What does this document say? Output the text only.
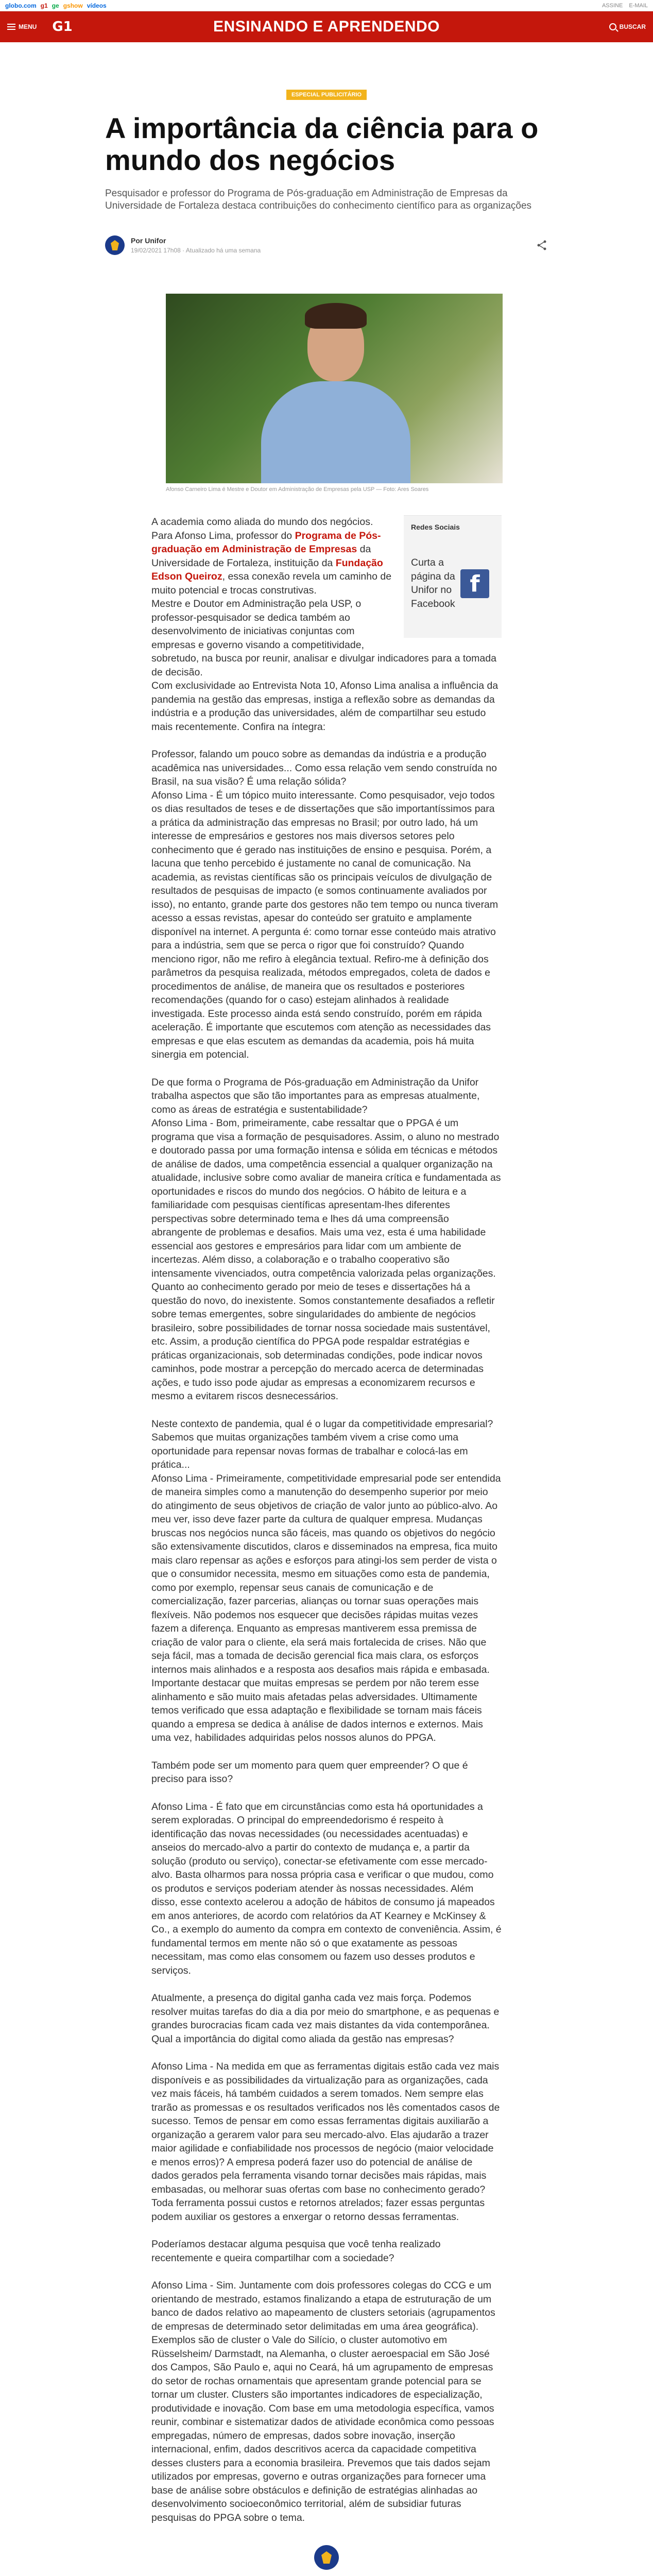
globo.com g1 ge gshow vídeos	ASSINE E-MAIL
MENU G1	ENSINANDO E APRENDENDO	BUSCAR
ESPECIAL PUBLICITÁRIO
A importância da ciência para o mundo dos negócios

Pesquisador e professor do Programa de Pós-graduação em Administração de Empresas da Universidade de Fortaleza destaca contribuições do conhecimento científico para as organizações

Por Unifor
19/02/2021 17h08 · Atualizado há uma semana
Afonso Carneiro Lima é Mestre e Doutor em Administração de Empresas pela USP — Foto: Ares Soares
Redes Sociais

Curta a página da Unifor no Facebook

f

A academia como aliada do mundo dos negócios. Para Afonso Lima, professor do Programa de Pós-graduação em Administração de Empresas da Universidade de Fortaleza, instituição da Fundação Edson Queiroz, essa conexão revela um caminho de muito potencial e trocas construtivas.

Mestre e Doutor em Administração pela USP, o professor-pesquisador se dedica também ao desenvolvimento de iniciativas conjuntas com empresas e governo visando a competitividade, sobretudo, na busca por reunir, analisar e divulgar indicadores para a tomada de decisão.

Com exclusividade ao Entrevista Nota 10, Afonso Lima analisa a influência da pandemia na gestão das empresas, instiga a reflexão sobre as demandas da indústria e a produção das universidades, além de compartilhar seu estudo mais recentemente. Confira na íntegra:

Professor, falando um pouco sobre as demandas da indústria e a produção acadêmica nas universidades... Como essa relação vem sendo construída no Brasil, na sua visão? É uma relação sólida?

Afonso Lima - É um tópico muito interessante. Como pesquisador, vejo todos os dias resultados de teses e de dissertações que são importantíssimos para a prática da administração das empresas no Brasil; por outro lado, há um interesse de empresários e gestores nos mais diversos setores pelo conhecimento que é gerado nas instituições de ensino e pesquisa. Porém, a lacuna que tenho percebido é justamente no canal de comunicação. Na academia, as revistas científicas são os principais veículos de divulgação de resultados de pesquisas de impacto (e somos continuamente avaliados por isso), no entanto, grande parte dos gestores não tem tempo ou nunca tiveram acesso a essas revistas, apesar do conteúdo ser gratuito e amplamente disponível na internet. A pergunta é: como tornar esse conteúdo mais atrativo para a indústria, sem que se perca o rigor que foi construído? Quando menciono rigor, não me refiro à elegância textual. Refiro-me à definição dos parâmetros da pesquisa realizada, métodos empregados, coleta de dados e procedimentos de análise, de maneira que os resultados e posteriores recomendações (quando for o caso) estejam alinhados à realidade investigada. Este processo ainda está sendo construído, porém em rápida aceleração. É importante que escutemos com atenção as necessidades das empresas e que elas escutem as demandas da academia, pois há muita sinergia em potencial.

De que forma o Programa de Pós-graduação em Administração da Unifor trabalha aspectos que são tão importantes para as empresas atualmente, como as áreas de estratégia e sustentabilidade?

Afonso Lima - Bom, primeiramente, cabe ressaltar que o PPGA é um programa que visa a formação de pesquisadores. Assim, o aluno no mestrado e doutorado passa por uma formação intensa e sólida em técnicas e métodos de análise de dados, uma competência essencial a qualquer organização na atualidade, inclusive sobre como avaliar de maneira crítica e fundamentada as oportunidades e riscos do mundo dos negócios. O hábito de leitura e a familiaridade com pesquisas científicas apresentam-lhes diferentes perspectivas sobre determinado tema e lhes dá uma compreensão abrangente de problemas e desafios. Mais uma vez, esta é uma habilidade essencial aos gestores e empresários para lidar com um ambiente de incertezas. Além disso, a colaboração e o trabalho cooperativo são intensamente vivenciados, outra competência valorizada pelas organizações.

Quanto ao conhecimento gerado por meio de teses e dissertações há a questão do novo, do inexistente. Somos constantemente desafiados a refletir sobre temas emergentes, sobre singularidades do ambiente de negócios brasileiro, sobre possibilidades de tornar nossa sociedade mais sustentável, etc. Assim, a produção científica do PPGA pode respaldar estratégias e práticas organizacionais, sob determinadas condições, pode indicar novos caminhos, pode mostrar a percepção do mercado acerca de determinadas ações, e tudo isso pode ajudar as empresas a economizarem recursos e mesmo a evitarem riscos desnecessários.

Neste contexto de pandemia, qual é o lugar da competitividade empresarial? Sabemos que muitas organizações também vivem a crise como uma oportunidade para repensar novas formas de trabalhar e colocá-las em prática...

Afonso Lima - Primeiramente, competitividade empresarial pode ser entendida de maneira simples como a manutenção do desempenho superior por meio do atingimento de seus objetivos de criação de valor junto ao público-alvo. Ao meu ver, isso deve fazer parte da cultura de qualquer empresa. Mudanças bruscas nos negócios nunca são fáceis, mas quando os objetivos do negócio são extensivamente discutidos, claros e disseminados na empresa, fica muito mais claro repensar as ações e esforços para atingi-los sem perder de vista o que o consumidor necessita, mesmo em situações como esta de pandemia, como por exemplo, repensar seus canais de comunicação e de comercialização, fazer parcerias, alianças ou tornar suas operações mais flexíveis. Não podemos nos esquecer que decisões rápidas muitas vezes fazem a diferença. Enquanto as empresas mantiverem essa premissa de criação de valor para o cliente, ela será mais fortalecida de crises. Não que seja fácil, mas a tomada de decisão gerencial fica mais clara, os esforços internos mais alinhados e a resposta aos desafios mais rápida e embasada. Importante destacar que muitas empresas se perdem por não terem esse alinhamento e são muito mais afetadas pelas adversidades. Ultimamente temos verificado que essa adaptação e flexibilidade se tornam mais fáceis quando a empresa se dedica à análise de dados internos e externos. Mais uma vez, habilidades adquiridas pelos nossos alunos do PPGA.

Também pode ser um momento para quem quer empreender? O que é preciso para isso?

Afonso Lima - É fato que em circunstâncias como esta há oportunidades a serem exploradas. O principal do empreendedorismo é respeito à identificação das novas necessidades (ou necessidades acentuadas) e anseios do mercado-alvo a partir do contexto de mudança e, a partir da solução (produto ou serviço), conectar-se efetivamente com esse mercado-alvo. Basta olharmos para nossa própria casa e verificar o que mudou, como os produtos e serviços poderiam atender às nossas necessidades. Além disso, esse contexto acelerou a adoção de hábitos de consumo já mapeados em anos anteriores, de acordo com relatórios da AT Kearney e McKinsey & Co., a exemplo do aumento da compra em contexto de conveniência. Assim, é fundamental termos em mente não só o que exatamente as pessoas necessitam, mas como elas consomem ou fazem uso desses produtos e serviços.

Atualmente, a presença do digital ganha cada vez mais força. Podemos resolver muitas tarefas do dia a dia por meio do smartphone, e as pequenas e grandes burocracias ficam cada vez mais distantes da vida contemporânea. Qual a importância do digital como aliada da gestão nas empresas?

Afonso Lima - Na medida em que as ferramentas digitais estão cada vez mais disponíveis e as possibilidades da virtualização para as organizações, cada vez mais fáceis, há também cuidados a serem tomados. Nem sempre elas trarão as promessas e os resultados verificados nos lês comentados casos de sucesso. Temos de pensar em como essas ferramentas digitais auxiliarão a organização a gerarem valor para seu mercado-alvo. Elas ajudarão a trazer maior agilidade e confiabilidade nos processos de negócio (maior velocidade e menos erros)? A empresa poderá fazer uso do potencial de análise de dados gerados pela ferramenta visando tornar decisões mais rápidas, mais embasadas, ou melhorar suas ofertas com base no conhecimento gerado? Toda ferramenta possui custos e retornos atrelados; fazer essas perguntas podem auxiliar os gestores a enxergar o retorno dessas ferramentas.

Poderíamos destacar alguma pesquisa que você tenha realizado recentemente e queira compartilhar com a sociedade?

Afonso Lima - Sim. Juntamente com dois professores colegas do CCG e um orientando de mestrado, estamos finalizando a etapa de estruturação de um banco de dados relativo ao mapeamento de clusters setoriais (agrupamentos de empresas de determinado setor delimitadas em uma área geográfica). Exemplos são de cluster o Vale do Silício, o cluster automotivo em Rüsselsheim/ Darmstadt, na Alemanha, o cluster aeroespacial em São José dos Campos, São Paulo e, aqui no Ceará, há um agrupamento de empresas do setor de rochas ornamentais que apresentam grande potencial para se tornar um cluster. Clusters são importantes indicadores de especialização, produtividade e inovação. Com base em uma metodologia específica, vamos reunir, combinar e sistematizar dados de atividade econômica como pessoas empregadas, número de empresas, dados sobre inovação, inserção internacional, enfim, dados descritivos acerca da capacidade competitiva desses clusters para a economia brasileira. Prevemos que tais dados sejam utilizados por empresas, governo e outras organizações para fornecer uma base de análise sobre obstáculos e definição de estratégias alinhadas ao desenvolvimento socioeconômico territorial, além de subsidiar futuras pesquisas do PPGA sobre o tema.
